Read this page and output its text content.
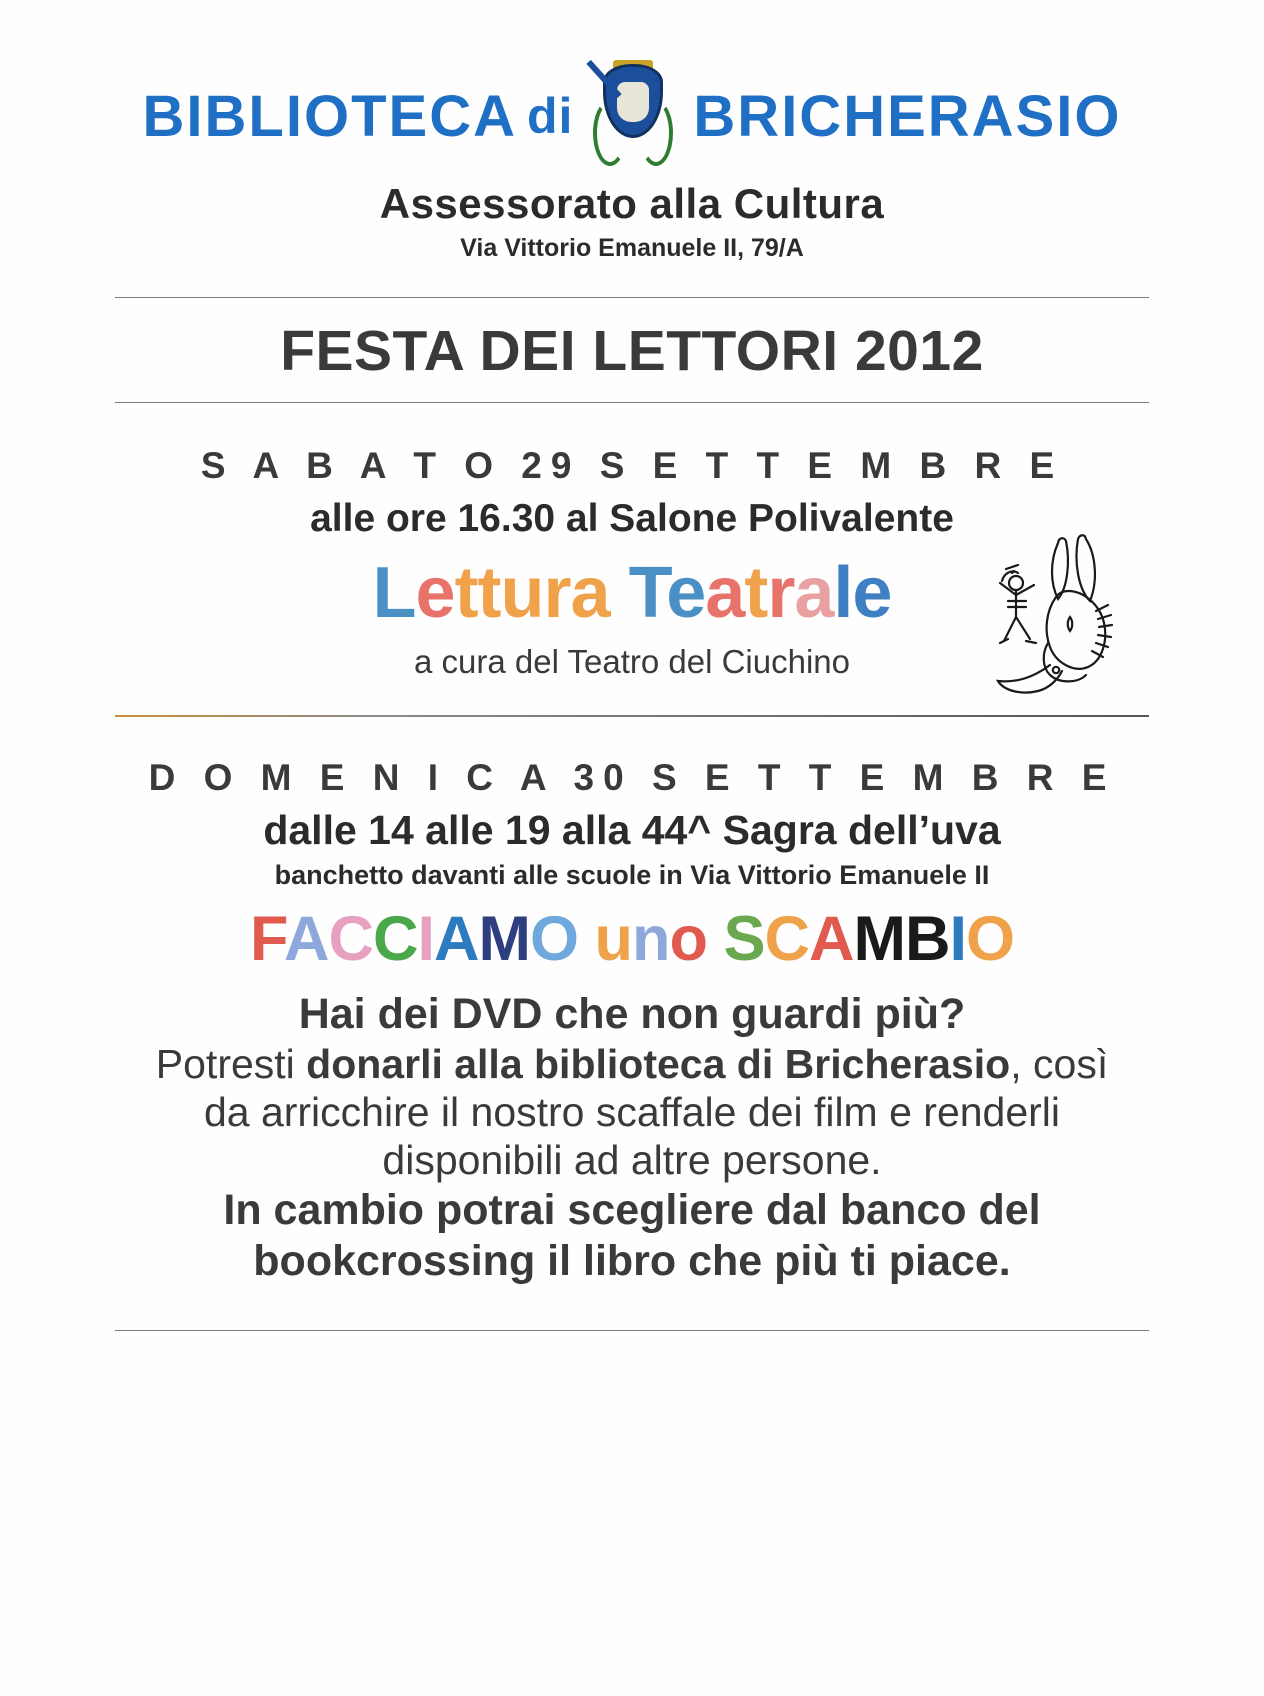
BIBLIOTECA di BRICHERASIO
Assessorato alla Cultura
Via Vittorio Emanuele II, 79/A
FESTA DEI LETTORI 2012
S A B A T O 29 S E T T E M B R E
alle ore 16.30 al Salone Polivalente
Lettura Teatrale
a cura del Teatro del Ciuchino
D O M E N I C A 30 S E T T E M B R E
dalle 14 alle 19 alla 44^ Sagra dell’uva
banchetto davanti alle scuole in Via Vittorio Emanuele II
FACCIAMO uno SCAMBIO
Hai dei DVD che non guardi più?
Potresti donarli alla biblioteca di Bricherasio, così da arricchire il nostro scaffale dei film e renderli disponibili ad altre persone.
In cambio potrai scegliere dal banco del bookcrossing il libro che più ti piace.
